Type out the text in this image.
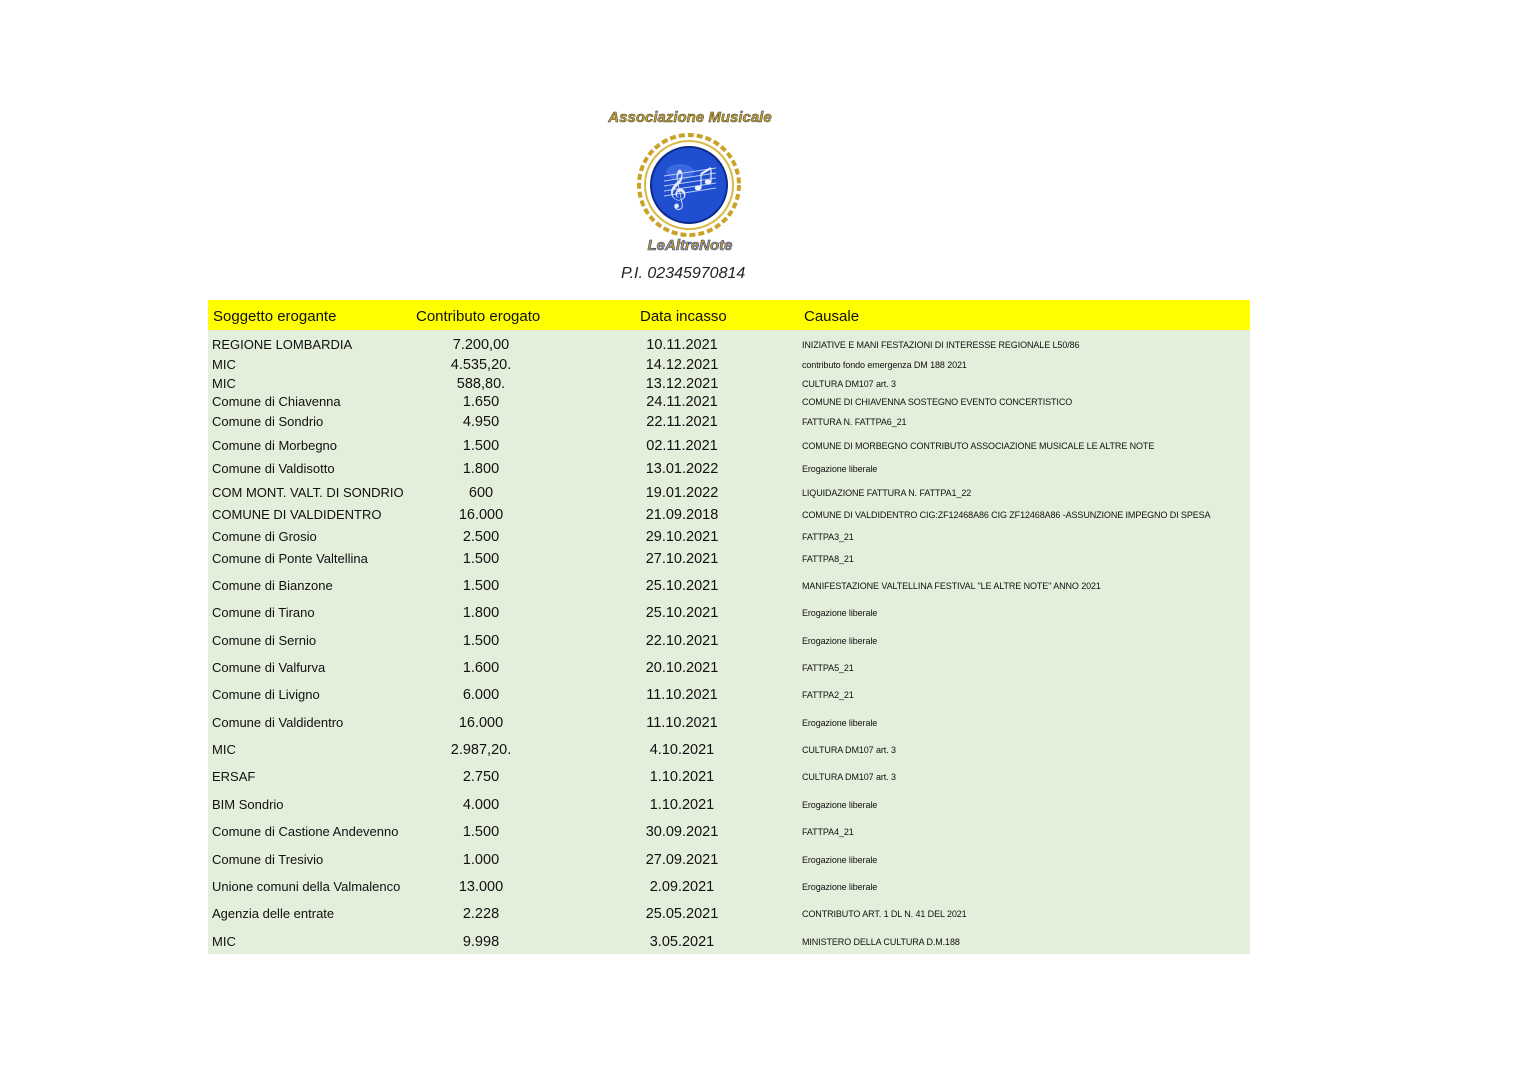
Associazione Musicale
𝄞
LeAltreNote
P.I. 02345970814
Soggetto erogante	Contributo erogato	Data incasso	Causale
REGIONE LOMBARDIA	7.200,00	10.11.2021	INIZIATIVE E MANI FESTAZIONI DI INTERESSE REGIONALE L50/86
MIC	4.535,20.	14.12.2021	contributo fondo emergenza DM 188 2021
MIC	588,80.	13.12.2021	CULTURA DM107 art. 3
Comune di Chiavenna	1.650	24.11.2021	COMUNE DI CHIAVENNA SOSTEGNO EVENTO CONCERTISTICO
Comune di Sondrio	4.950	22.11.2021	FATTURA N. FATTPA6_21
Comune di Morbegno	1.500	02.11.2021	COMUNE DI MORBEGNO CONTRIBUTO ASSOCIAZIONE MUSICALE LE ALTRE NOTE
Comune di Valdisotto	1.800	13.01.2022	Erogazione liberale
COM MONT. VALT. DI SONDRIO	600	19.01.2022	LIQUIDAZIONE FATTURA N. FATTPA1_22
COMUNE DI VALDIDENTRO	16.000	21.09.2018	COMUNE DI VALDIDENTRO CIG:ZF12468A86 CIG ZF12468A86 -ASSUNZIONE IMPEGNO DI SPESA
Comune di Grosio	2.500	29.10.2021	FATTPA3_21
Comune di Ponte Valtellina	1.500	27.10.2021	FATTPA8_21
Comune di Bianzone	1.500	25.10.2021	MANIFESTAZIONE VALTELLINA FESTIVAL "LE ALTRE NOTE" ANNO 2021
Comune di Tirano	1.800	25.10.2021	Erogazione liberale
Comune di Sernio	1.500	22.10.2021	Erogazione liberale
Comune di Valfurva	1.600	20.10.2021	FATTPA5_21
Comune di Livigno	6.000	11.10.2021	FATTPA2_21
Comune di Valdidentro	16.000	11.10.2021	Erogazione liberale
MIC	2.987,20.	4.10.2021	CULTURA DM107 art. 3
ERSAF	2.750	1.10.2021	CULTURA DM107 art. 3
BIM Sondrio	4.000	1.10.2021	Erogazione liberale
Comune di Castione Andevenno	1.500	30.09.2021	FATTPA4_21
Comune di Tresivio	1.000	27.09.2021	Erogazione liberale
Unione comuni della Valmalenco	13.000	2.09.2021	Erogazione liberale
Agenzia delle entrate	2.228	25.05.2021	CONTRIBUTO ART. 1 DL N. 41 DEL 2021
MIC	9.998	3.05.2021	MINISTERO DELLA CULTURA D.M.188
